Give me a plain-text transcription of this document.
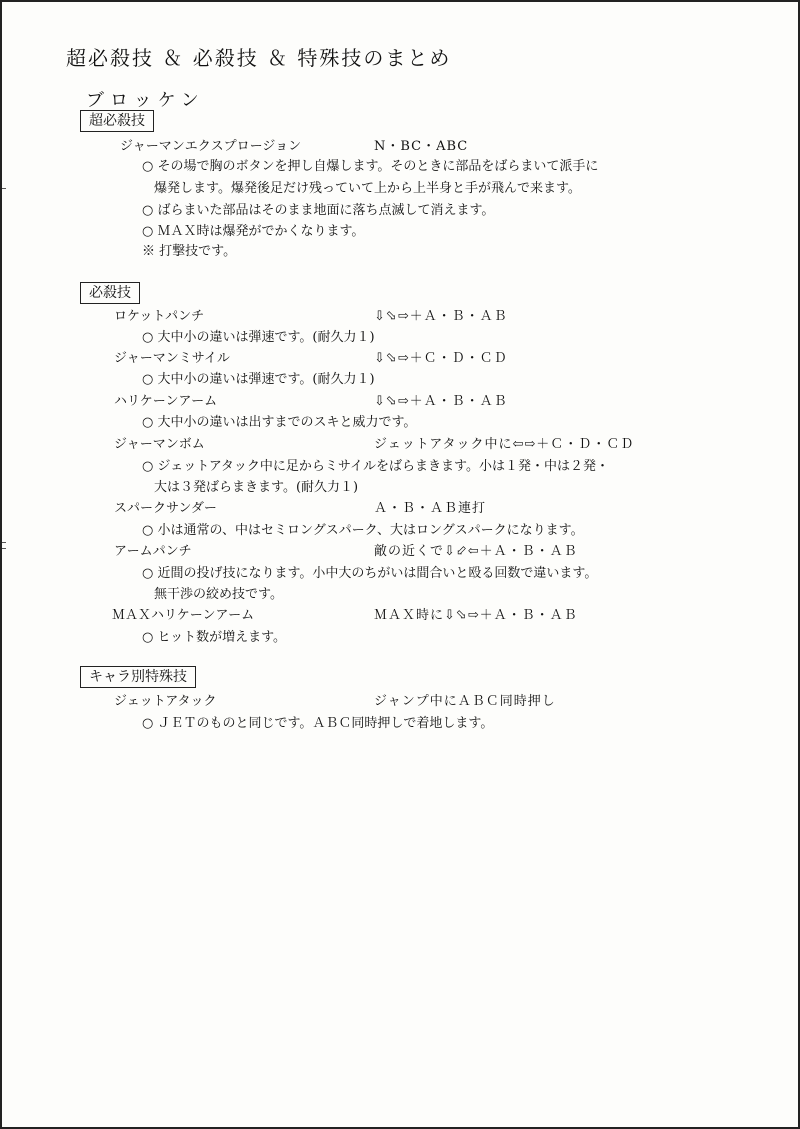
超必殺技 ＆ 必殺技 ＆ 特殊技のまとめ
ブロッケン
超必殺技
ジャーマンエクスプロージョン	N・BC・ABC
○ その場で胸のボタンを押し自爆します。そのときに部品をばらまいて派手に
爆発します。爆発後足だけ残っていて上から上半身と手が飛んで来ます。
○ ばらまいた部品はそのまま地面に落ち点滅して消えます。
○ ＭＡＸ時は爆発がでかくなります。
※ 打撃技です。
必殺技
ロケットパンチ	⇩⬂⇨＋Ａ・Ｂ・ＡＢ
○ 大中小の違いは弾速です。(耐久力１)
ジャーマンミサイル	⇩⬂⇨＋Ｃ・Ｄ・ＣＤ
○ 大中小の違いは弾速です。(耐久力１)
ハリケーンアーム	⇩⬂⇨＋Ａ・Ｂ・ＡＢ
○ 大中小の違いは出すまでのスキと威力です。
ジャーマンボム	ジェットアタック中に⇦⇨＋Ｃ・Ｄ・ＣＤ
○ ジェットアタック中に足からミサイルをばらまきます。小は１発・中は２発・
大は３発ばらまきます。(耐久力１)
スパークサンダー	Ａ・Ｂ・ＡＢ連打
○ 小は通常の、中はセミロングスパーク、大はロングスパークになります。
アームパンチ	敵の近くで⇩⬃⇦＋Ａ・Ｂ・ＡＢ
○ 近間の投げ技になります。小中大のちがいは間合いと殴る回数で違います。
無干渉の絞め技です。
ＭＡＸハリケーンアーム	ＭＡＸ時に⇩⬂⇨＋Ａ・Ｂ・ＡＢ
○ ヒット数が増えます。
キャラ別特殊技
ジェットアタック	ジャンプ中にＡＢＣ同時押し
○ ＪＥＴのものと同じです。ＡＢＣ同時押しで着地します。
